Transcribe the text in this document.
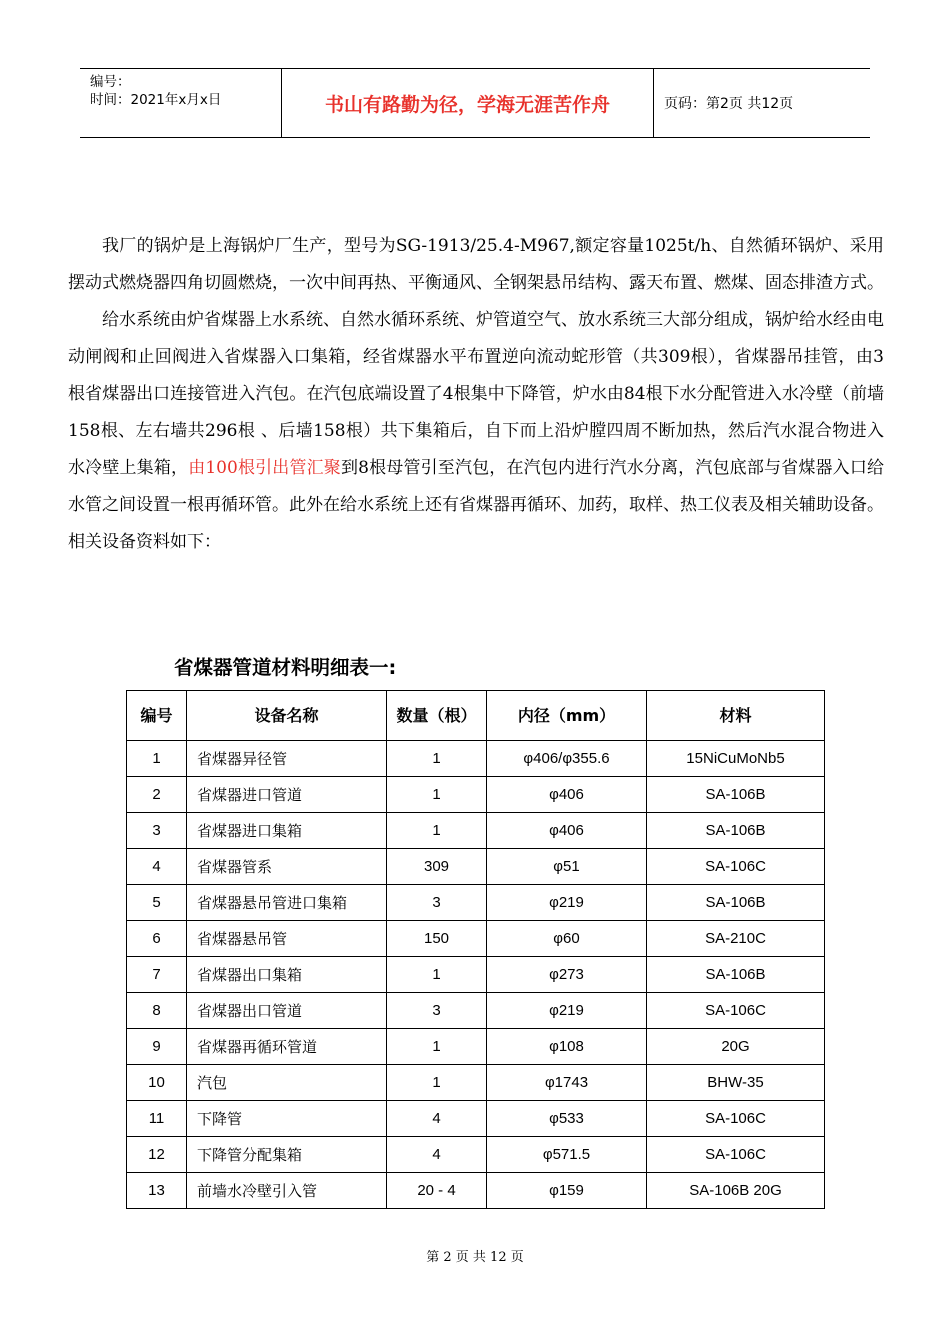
编号：
时间：2021年x月x日	书山有路勤为径，学海无涯苦作舟	页码：第2页 共12页

我厂的锅炉是上海锅炉厂生产，型号为SG-1913/25.4-M967,额定容量1025t/h、自然循环锅炉、采用摆动式燃烧器四角切圆燃烧，一次中间再热、平衡通风、全钢架悬吊结构、露天布置、燃煤、固态排渣方式。

给水系统由炉省煤器上水系统、自然水循环系统、炉管道空气、放水系统三大部分组成，锅炉给水经由电动闸阀和止回阀进入省煤器入口集箱，经省煤器水平布置逆向流动蛇形管（共309根），省煤器吊挂管，由3根省煤器出口连接管进入汽包。在汽包底端设置了4根集中下降管，炉水由84根下水分配管进入水冷壁（前墙158根、左右墙共296根 、后墙158根）共下集箱后，自下而上沿炉膛四周不断加热，然后汽水混合物进入水冷壁上集箱，由100根引出管汇聚到8根母管引至汽包，在汽包内进行汽水分离，汽包底部与省煤器入口给水管之间设置一根再循环管。此外在给水系统上还有省煤器再循环、加药，取样、热工仪表及相关辅助设备。相关设备资料如下：

省煤器管道材料明细表一:
编号	设备名称	数量（根）	内径（mm）	材料
1	省煤器异径管	1	φ406/φ355.6	15NiCuMoNb5
2	省煤器进口管道	1	φ406	SA-106B
3	省煤器进口集箱	1	φ406	SA-106B
4	省煤器管系	309	φ51	SA-106C
5	省煤器悬吊管进口集箱	3	φ219	SA-106B
6	省煤器悬吊管	150	φ60	SA-210C
7	省煤器出口集箱	1	φ273	SA-106B
8	省煤器出口管道	3	φ219	SA-106C
9	省煤器再循环管道	1	φ108	20G
10	汽包	1	φ1743	BHW-35
11	下降管	4	φ533	SA-106C
12	下降管分配集箱	4	φ571.5	SA-106C
13	前墙水冷壁引入管	20 - 4	φ159	SA-106B 20G
第 2 页 共 12 页
